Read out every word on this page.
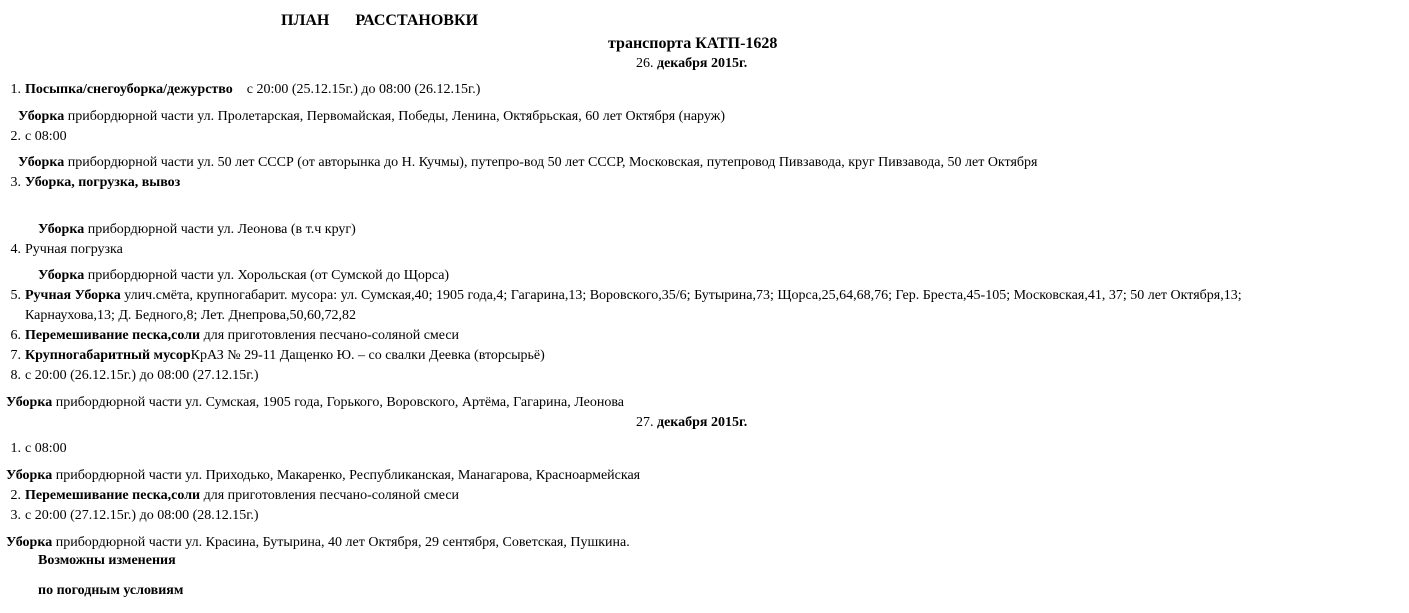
ПЛАН РАССТАНОВКИ
транспорта КАТП-1628
26. декабря 2015г.
1. Посыпка/снегоуборка/дежурство с 20:00 (25.12.15г.) до 08:00 (26.12.15г.)
Уборка прибордюрной части ул. Пролетарская, Первомайская, Победы, Ленина, Октябрьская, 60 лет Октября (наруж)
2. с 08:00
Уборка прибордюрной части ул. 50 лет СССР (от авторынка до Н. Кучмы), путепро-вод 50 лет СССР, Московская, путепровод Пивзавода, круг Пивзавода, 50 лет Октября
3. Уборка, погрузка, вывоз
Уборка прибордюрной части ул. Леонова (в т.ч круг)
4. Ручная погрузка
Уборка прибордюрной части ул. Хорольская (от Сумской до Щорса)
5. Ручная Уборка улич.смёта, крупногабарит. мусора: ул. Сумская,40; 1905 года,4; Гагарина,13; Воровского,35/6; Бутырина,73; Щорса,25,64,68,76; Гер. Бреста,45-105; Московская,41, 37; 50 лет Октября,13;
Карнаухова,13; Д. Бедного,8; Лет. Днепрова,50,60,72,82
6. Перемешивание песка,соли для приготовления песчано-соляной смеси
7. Крупногабаритный мусорКрАЗ № 29-11 Дащенко Ю. – со свалки Деевка (вторсырьё)
8. с 20:00 (26.12.15г.) до 08:00 (27.12.15г.)
Уборка прибордюрной части ул. Сумская, 1905 года, Горького, Воровского, Артёма, Гагарина, Леонова
27. декабря 2015г.
1. с 08:00
Уборка прибордюрной части ул. Приходько, Макаренко, Республиканская, Манагарова, Красноармейская
2. Перемешивание песка,соли для приготовления песчано-соляной смеси
3. с 20:00 (27.12.15г.) до 08:00 (28.12.15г.)
Уборка прибордюрной части ул. Красина, Бутырина, 40 лет Октября, 29 сентября, Советская, Пушкина.
Возможны изменения
по погодным условиям
